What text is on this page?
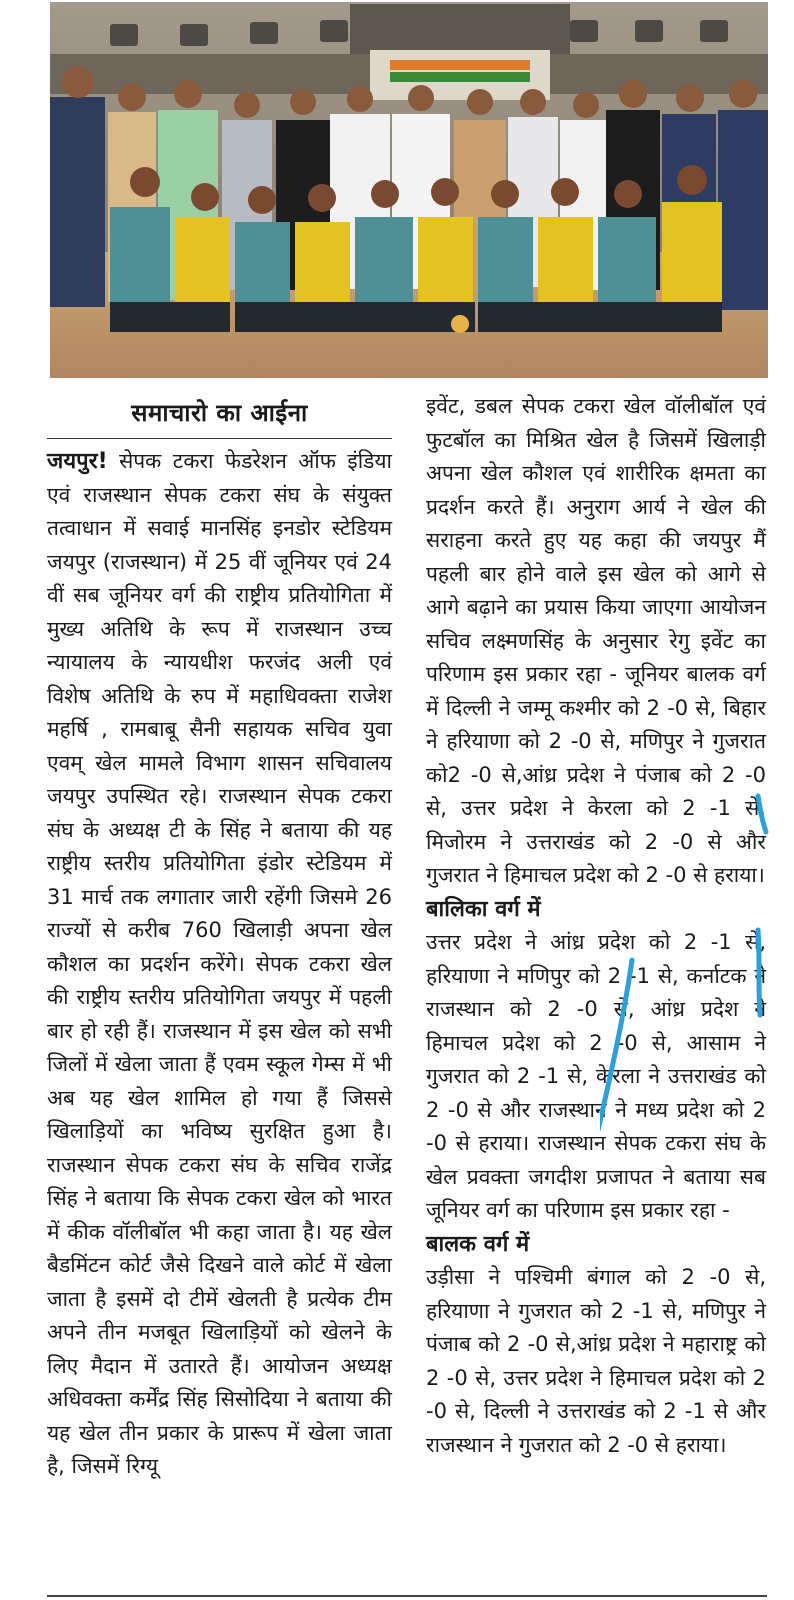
समाचारो का आईना

जयपुर! सेपक टकरा फेडरेशन ऑफ इंडिया एवं राजस्थान सेपक टकरा संघ के संयुक्त तत्वाधान में सवाई मानसिंह इनडोर स्टेडियम जयपुर (राजस्थान) में 25 वीं जूनियर एवं 24 वीं सब जूनियर वर्ग की राष्ट्रीय प्रतियोगिता में मुख्य अतिथि के रूप में राजस्थान उच्च न्यायालय के न्यायधीश फरजंद अली एवं विशेष अतिथि के रुप में महाधिवक्ता राजेश महर्षि , रामबाबू सैनी सहायक सचिव युवा एवम् खेल मामले विभाग शासन सचिवालय जयपुर उपस्थित रहे। राजस्थान सेपक टकरा संघ के अध्यक्ष टी के सिंह ने बताया की यह राष्ट्रीय स्तरीय प्रतियोगिता इंडोर स्टेडियम में 31 मार्च तक लगातार जारी रहेंगी जिसमे 26 राज्यों से करीब 760 खिलाड़ी अपना खेल कौशल का प्रदर्शन करेंगे। सेपक टकरा खेल की राष्ट्रीय स्तरीय प्रतियोगिता जयपुर में पहली बार हो रही हैं। राजस्थान में इस खेल को सभी जिलों में खेला जाता हैं एवम स्कूल गेम्स में भी अब यह खेल शामिल हो गया हैं जिससे खिलाड़ियों का भविष्य सुरक्षित हुआ है। राजस्थान सेपक टकरा संघ के सचिव राजेंद्र सिंह ने बताया कि सेपक टकरा खेल को भारत में कीक वॉलीबॉल भी कहा जाता है। यह खेल बैडमिंटन कोर्ट जैसे दिखने वाले कोर्ट में खेला जाता है इसमें दो टीमें खेलती है प्रत्येक टीम अपने तीन मजबूत खिलाड़ियों को खेलने के लिए मैदान में उतारते हैं। आयोजन अध्यक्ष अधिवक्ता कर्मेंद्र सिंह सिसोदिया ने बताया की यह खेल तीन प्रकार के प्रारूप में खेला जाता है, जिसमें रिग्यू

इवेंट, डबल सेपक टकरा खेल वॉलीबॉल एवं फुटबॉल का मिश्रित खेल है जिसमें खिलाड़ी अपना खेल कौशल एवं शारीरिक क्षमता का प्रदर्शन करते हैं। अनुराग आर्य ने खेल की सराहना करते हुए यह कहा की जयपुर मैं पहली बार होने वाले इस खेल को आगे से आगे बढ़ाने का प्रयास किया जाएगा आयोजन सचिव लक्ष्मणसिंह के अनुसार रेगु इवेंट का परिणाम इस प्रकार रहा - जूनियर बालक वर्ग में दिल्ली ने जम्मू कश्मीर को 2 -0 से, बिहार ने हरियाणा को 2 -0 से, मणिपुर ने गुजरात को2 -0 से,आंध्र प्रदेश ने पंजाब को 2 -0 से, उत्तर प्रदेश ने केरला को 2 -1 से, मिजोरम ने उत्तराखंड को 2 -0 से और गुजरात ने हिमाचल प्रदेश को 2 -0 से हराया।

बालिका वर्ग में

उत्तर प्रदेश ने आंध्र प्रदेश को 2 -1 से, हरियाणा ने मणिपुर को 2 -1 से, कर्नाटक ने राजस्थान को 2 -0 से, आंध्र प्रदेश ने हिमाचल प्रदेश को 2 -0 से, आसाम ने गुजरात को 2 -1 से, केरला ने उत्तराखंड को 2 -0 से और राजस्थान ने मध्य प्रदेश को 2 -0 से हराया। राजस्थान सेपक टकरा संघ के खेल प्रवक्ता जगदीश प्रजापत ने बताया सब जूनियर वर्ग का परिणाम इस प्रकार रहा -

बालक वर्ग में

उड़ीसा ने पश्चिमी बंगाल को 2 -0 से, हरियाणा ने गुजरात को 2 -1 से, मणिपुर ने पंजाब को 2 -0 से,आंध्र प्रदेश ने महाराष्ट्र को 2 -0 से, उत्तर प्रदेश ने हिमाचल प्रदेश को 2 -0 से, दिल्ली ने उत्तराखंड को 2 -1 से और राजस्थान ने गुजरात को 2 -0 से हराया।
